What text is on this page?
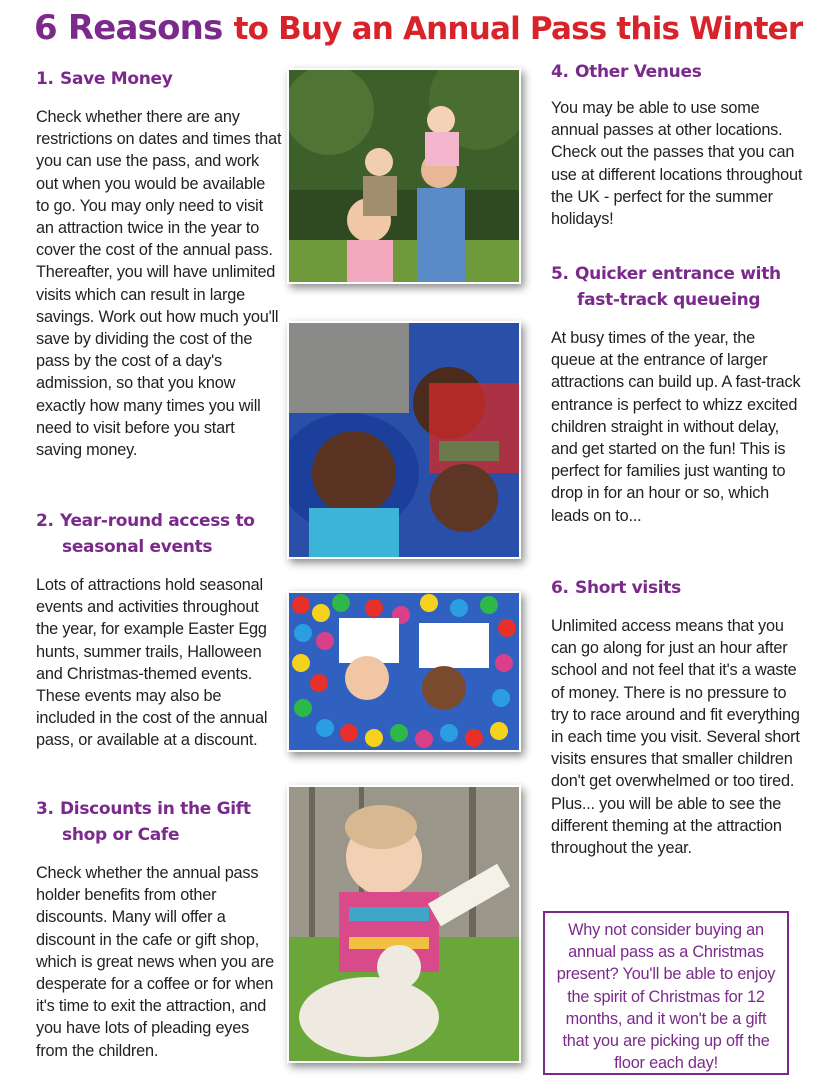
6 Reasons to Buy an Annual Pass this Winter
1. Save Money

Check whether there are any restrictions on dates and times that you can use the pass, and work out when you would be available to go. You may only need to visit an attraction twice in the year to cover the cost of the annual pass. Thereafter, you will have unlimited visits which can result in large savings. Work out how much you'll save by dividing the cost of the pass by the cost of a day's admission, so that you know exactly how many times you will need to visit before you start saving money.

2. Year-round access to
seasonal events

Lots of attractions hold seasonal events and activities throughout the year, for example Easter Egg hunts, summer trails, Halloween and Christmas-themed events. These events may also be included in the cost of the annual pass, or available at a discount.

3. Discounts in the Gift
shop or Cafe

Check whether the annual pass holder benefits from other discounts. Many will offer a discount in the cafe or gift shop, which is great news when you are desperate for a coffee or for when it's time to exit the attraction, and you have lots of pleading eyes from the children.

4. Other Venues

You may be able to use some annual passes at other locations. Check out the passes that you can use at different locations throughout the UK - perfect for the summer holidays!

5. Quicker entrance with
fast-track queueing

At busy times of the year, the queue at the entrance of larger attractions can build up. A fast-track entrance is perfect to whizz excited children straight in without delay, and get started on the fun! This is perfect for families just wanting to drop in for an hour or so, which leads on to...

6. Short visits

Unlimited access means that you can go along for just an hour after school and not feel that it's a waste of money. There is no pressure to try to race around and fit everything in each time you visit. Several short visits ensures that smaller children don't get overwhelmed or too tired. Plus... you will be able to see the different theming at the attraction throughout the year.

Why not consider buying an annual pass as a Christmas present? You'll be able to enjoy the spirit of Christmas for 12 months, and it won't be a gift that you are picking up off the floor each day!
